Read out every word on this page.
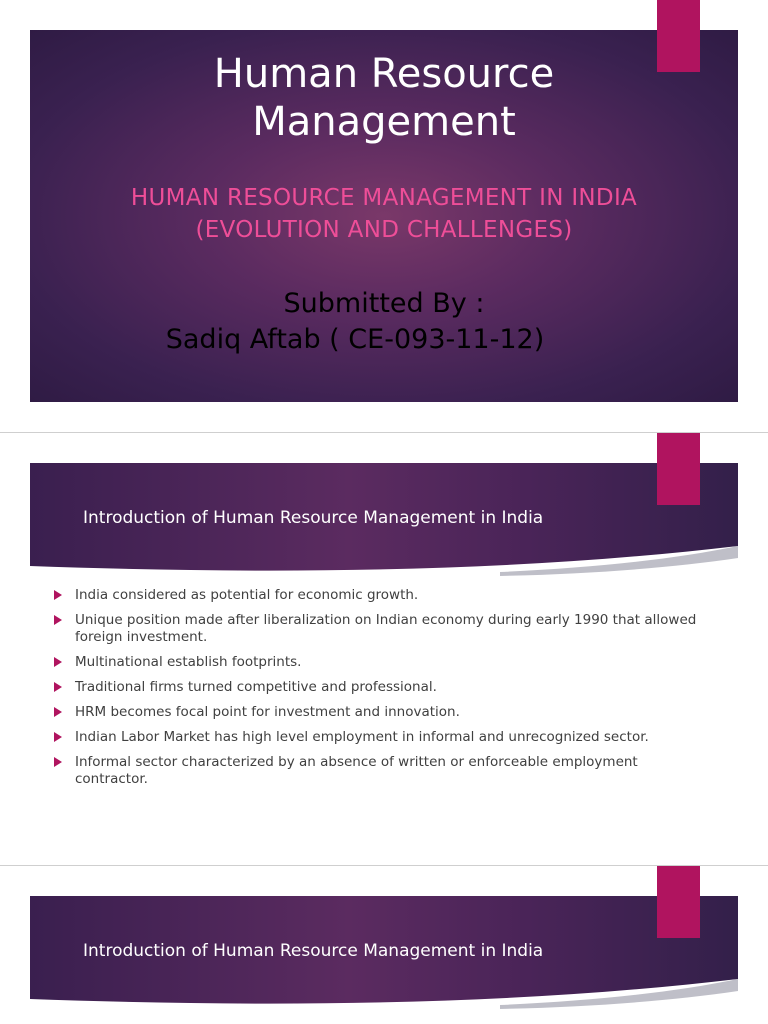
Human Resource Management
HUMAN RESOURCE MANAGEMENT IN INDIA (EVOLUTION AND CHALLENGES)
Submitted By :
Sadiq Aftab ( CE-093-11-12)
Introduction of Human Resource Management in India
India considered as potential for economic growth.
Unique position made after liberalization on Indian economy during early 1990 that allowed foreign investment.
Multinational establish footprints.
Traditional firms turned competitive and professional.
HRM becomes focal point for investment and innovation.
Indian Labor Market has high level employment in informal and unrecognized sector.
Informal sector characterized by an absence of written or enforceable employment contractor.
Introduction of Human Resource Management in India
